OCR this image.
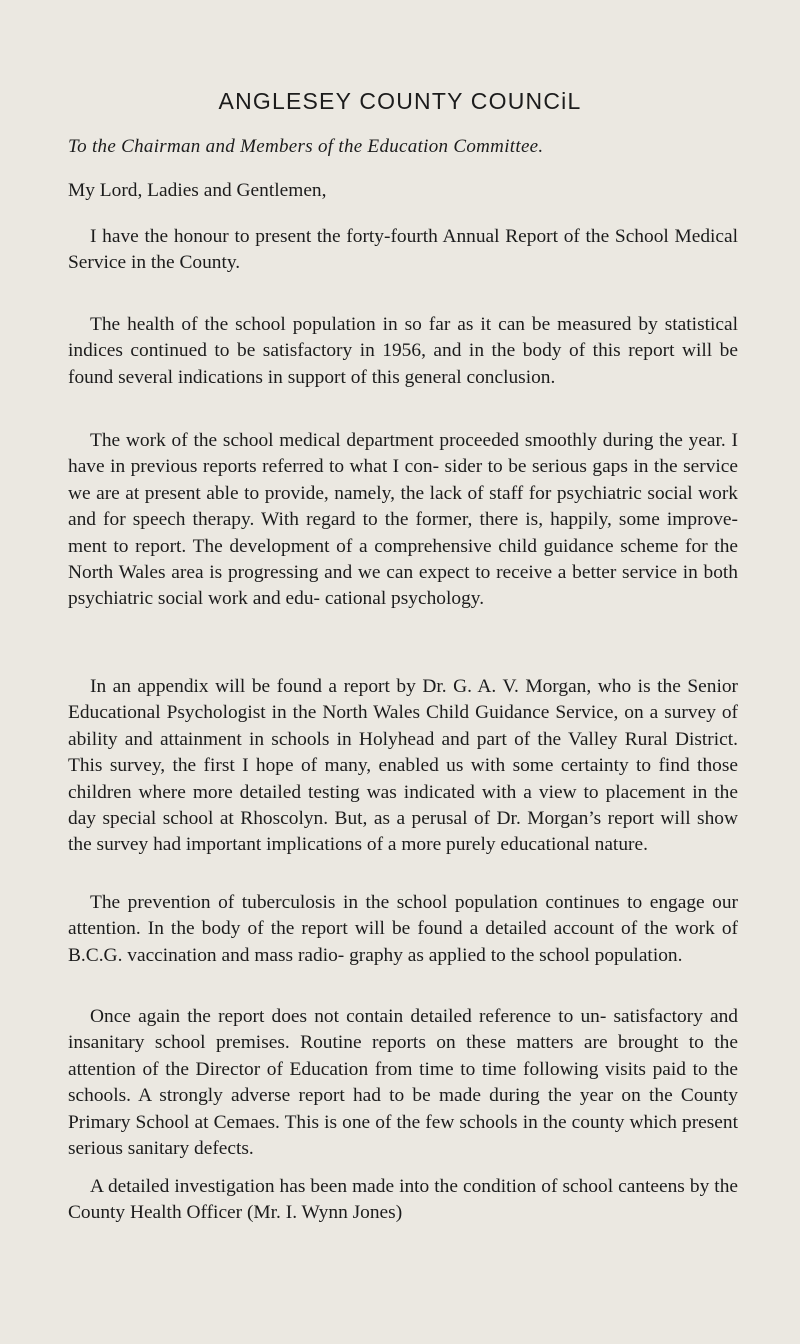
ANGLESEY COUNTY COUNCiL

To the Chairman and Members of the Education Committee.

My Lord, Ladies and Gentlemen,

I have the honour to present the forty-fourth Annual Report of the School Medical Service in the County.

The health of the school population in so far as it can be measured by statistical indices continued to be satisfactory in 1956, and in the body of this report will be found several indications in support of this general conclusion.

The work of the school medical department proceeded smoothly during the year. I have in previous reports referred to what I con- sider to be serious gaps in the service we are at present able to provide, namely, the lack of staff for psychiatric social work and for speech therapy. With regard to the former, there is, happily, some improve- ment to report. The development of a comprehensive child guidance scheme for the North Wales area is progressing and we can expect to receive a better service in both psychiatric social work and edu- cational psychology.

In an appendix will be found a report by Dr. G. A. V. Morgan, who is the Senior Educational Psychologist in the North Wales Child Guidance Service, on a survey of ability and attainment in schools in Holyhead and part of the Valley Rural District. This survey, the first I hope of many, enabled us with some certainty to find those children where more detailed testing was indicated with a view to placement in the day special school at Rhoscolyn. But, as a perusal of Dr. Morgan’s report will show the survey had important implications of a more purely educational nature.

The prevention of tuberculosis in the school population continues to engage our attention. In the body of the report will be found a detailed account of the work of B.C.G. vaccination and mass radio- graphy as applied to the school population.

Once again the report does not contain detailed reference to un- satisfactory and insanitary school premises. Routine reports on these matters are brought to the attention of the Director of Education from time to time following visits paid to the schools. A strongly adverse report had to be made during the year on the County Primary School at Cemaes. This is one of the few schools in the county which present serious sanitary defects.

A detailed investigation has been made into the condition of school canteens by the County Health Officer (Mr. I. Wynn Jones)
